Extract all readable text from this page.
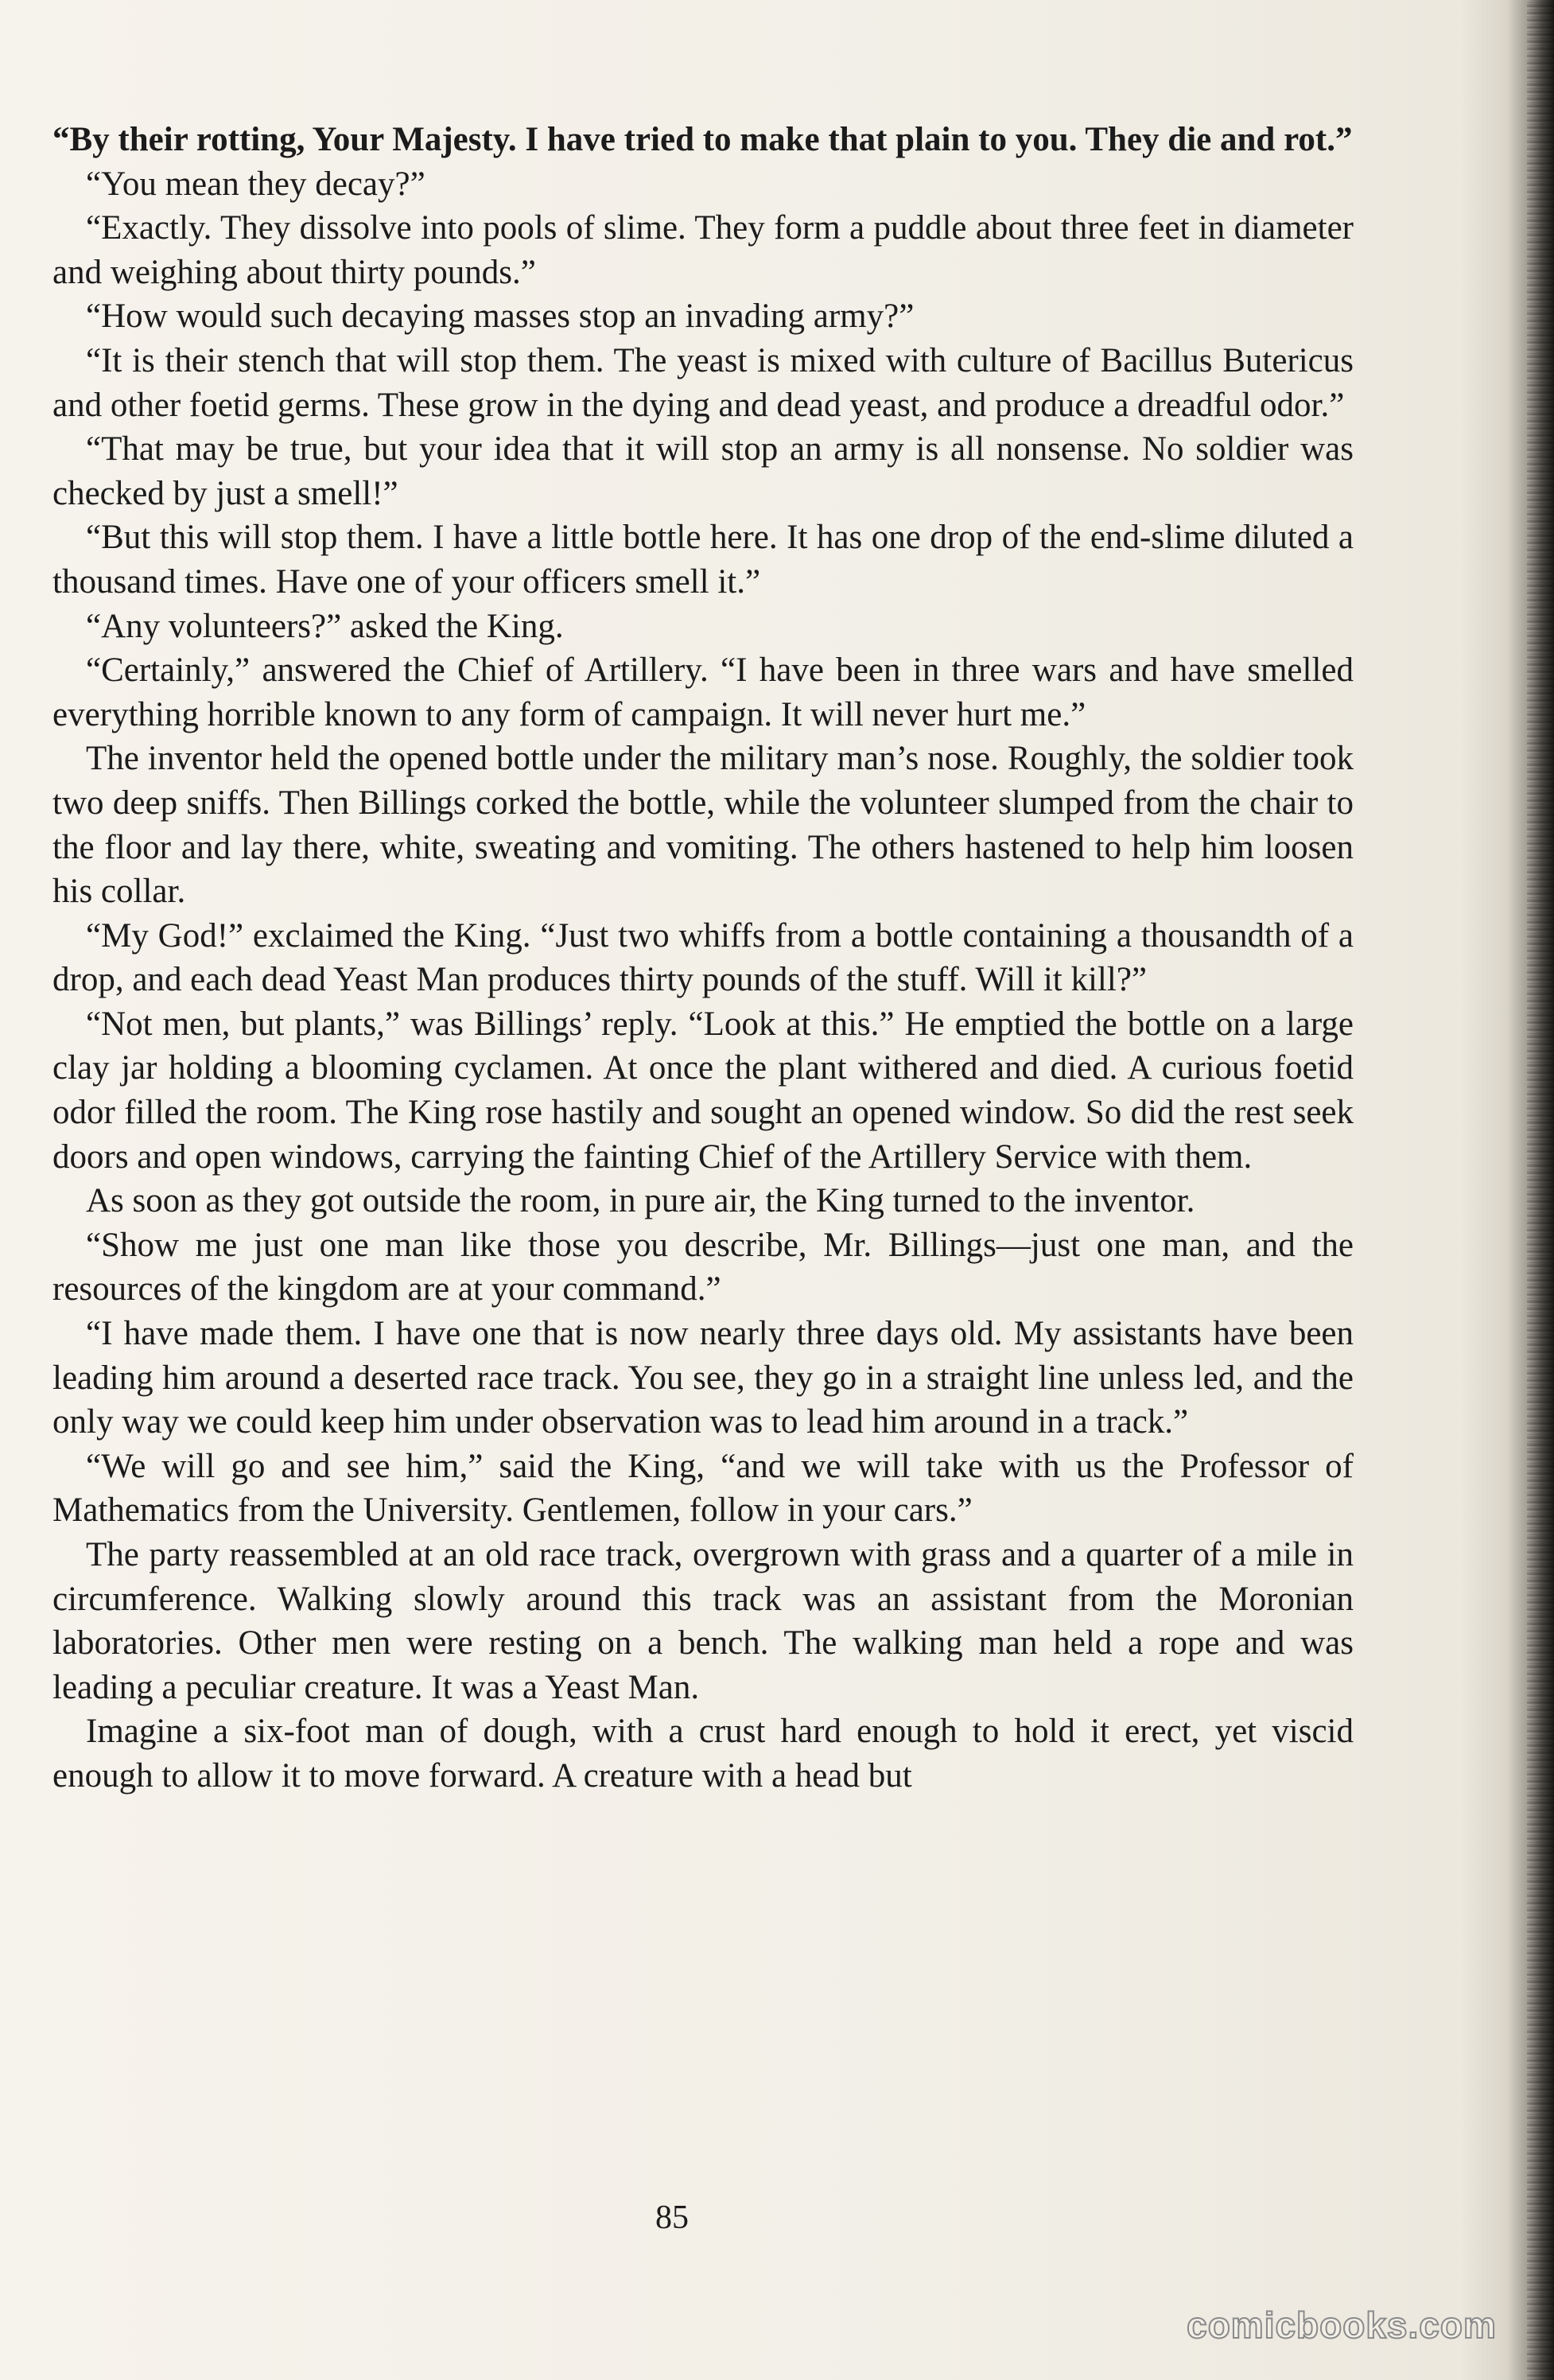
“By their rotting, Your Majesty. I have tried to make that plain to you. They die and rot.”

“You mean they decay?”

“Exactly. They dissolve into pools of slime. They form a puddle about three feet in diameter and weighing about thirty pounds.”

“How would such decaying masses stop an invading army?”

“It is their stench that will stop them. The yeast is mixed with culture of Bacillus Butericus and other foetid germs. These grow in the dying and dead yeast, and produce a dreadful odor.”

“That may be true, but your idea that it will stop an army is all nonsense. No soldier was checked by just a smell!”

“But this will stop them. I have a little bottle here. It has one drop of the end-slime diluted a thousand times. Have one of your officers smell it.”

“Any volunteers?” asked the King.

“Certainly,” answered the Chief of Artillery. “I have been in three wars and have smelled everything horrible known to any form of campaign. It will never hurt me.”

The inventor held the opened bottle under the military man’s nose. Roughly, the soldier took two deep sniffs. Then Billings corked the bottle, while the volunteer slumped from the chair to the floor and lay there, white, sweating and vomiting. The others hastened to help him loosen his collar.

“My God!” exclaimed the King. “Just two whiffs from a bottle containing a thousandth of a drop, and each dead Yeast Man produces thirty pounds of the stuff. Will it kill?”

“Not men, but plants,” was Billings’ reply. “Look at this.” He emptied the bottle on a large clay jar holding a blooming cyclamen. At once the plant withered and died. A curious foetid odor filled the room. The King rose hastily and sought an opened window. So did the rest seek doors and open windows, carrying the fainting Chief of the Artillery Service with them.

As soon as they got outside the room, in pure air, the King turned to the inventor.

“Show me just one man like those you describe, Mr. Billings—just one man, and the resources of the kingdom are at your command.”

“I have made them. I have one that is now nearly three days old. My assistants have been leading him around a deserted race track. You see, they go in a straight line unless led, and the only way we could keep him under observation was to lead him around in a track.”

“We will go and see him,” said the King, “and we will take with us the Professor of Mathematics from the University. Gentlemen, follow in your cars.”

The party reassembled at an old race track, overgrown with grass and a quarter of a mile in circumference. Walking slowly around this track was an assistant from the Moronian laboratories. Other men were resting on a bench. The walking man held a rope and was leading a peculiar creature. It was a Yeast Man.

Imagine a six-foot man of dough, with a crust hard enough to hold it erect, yet viscid enough to allow it to move forward. A creature with a head but

85
comicbooks.com
